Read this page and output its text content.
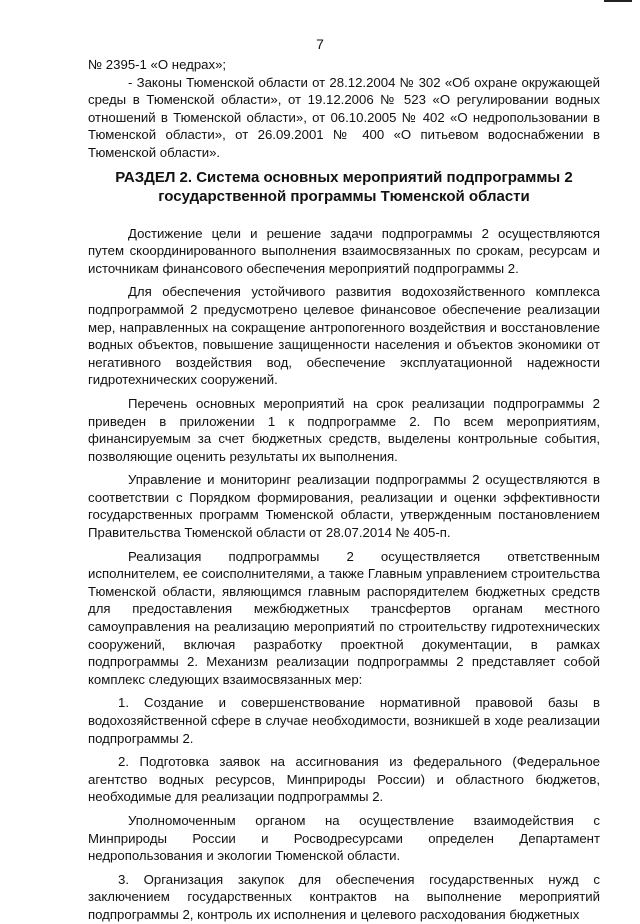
7

№ 2395-1 «О недрах»;

- Законы Тюменской области от 28.12.2004 № 302 «Об охране окружающей среды в Тюменской области», от 19.12.2006 № 523 «О регулировании водных отношений в Тюменской области», от 06.10.2005 № 402 «О недропользовании в Тюменской области», от 26.09.2001 № 400 «О питьевом водоснабжении в Тюменской области».

РАЗДЕЛ 2. Система основных мероприятий подпрограммы 2
государственной программы Тюменской области

Достижение цели и решение задачи подпрограммы 2 осуществляются путем скоординированного выполнения взаимосвязанных по срокам, ресурсам и источникам финансового обеспечения мероприятий подпрограммы 2.

Для обеспечения устойчивого развития водохозяйственного комплекса подпрограммой 2 предусмотрено целевое финансовое обеспечение реализации мер, направленных на сокращение антропогенного воздействия и восстановление водных объектов, повышение защищенности населения и объектов экономики от негативного воздействия вод, обеспечение эксплуатационной надежности гидротехнических сооружений.

Перечень основных мероприятий на срок реализации подпрограммы 2 приведен в приложении 1 к подпрограмме 2. По всем мероприятиям, финансируемым за счет бюджетных средств, выделены контрольные события, позволяющие оценить результаты их выполнения.

Управление и мониторинг реализации подпрограммы 2 осуществляются в соответствии с Порядком формирования, реализации и оценки эффективности государственных программ Тюменской области, утвержденным постановлением Правительства Тюменской области от 28.07.2014 № 405-п.

Реализация подпрограммы 2 осуществляется ответственным исполнителем, ее соисполнителями, а также Главным управлением строительства Тюменской области, являющимся главным распорядителем бюджетных средств для предоставления межбюджетных трансфертов органам местного самоуправления на реализацию мероприятий по строительству гидротехнических сооружений, включая разработку проектной документации, в рамках подпрограммы 2. Механизм реализации подпрограммы 2 представляет собой комплекс следующих взаимосвязанных мер:

1. Создание и совершенствование нормативной правовой базы в водохозяйственной сфере в случае необходимости, возникшей в ходе реализации подпрограммы 2.

2. Подготовка заявок на ассигнования из федерального (Федеральное агентство водных ресурсов, Минприроды России) и областного бюджетов, необходимые для реализации подпрограммы 2.

Уполномоченным органом на осуществление взаимодействия с Минприроды России и Росводресурсами определен Департамент недропользования и экологии Тюменской области.

3. Организация закупок для обеспечения государственных нужд с заключением государственных контрактов на выполнение мероприятий подпрограммы 2, контроль их исполнения и целевого расходования бюджетных
